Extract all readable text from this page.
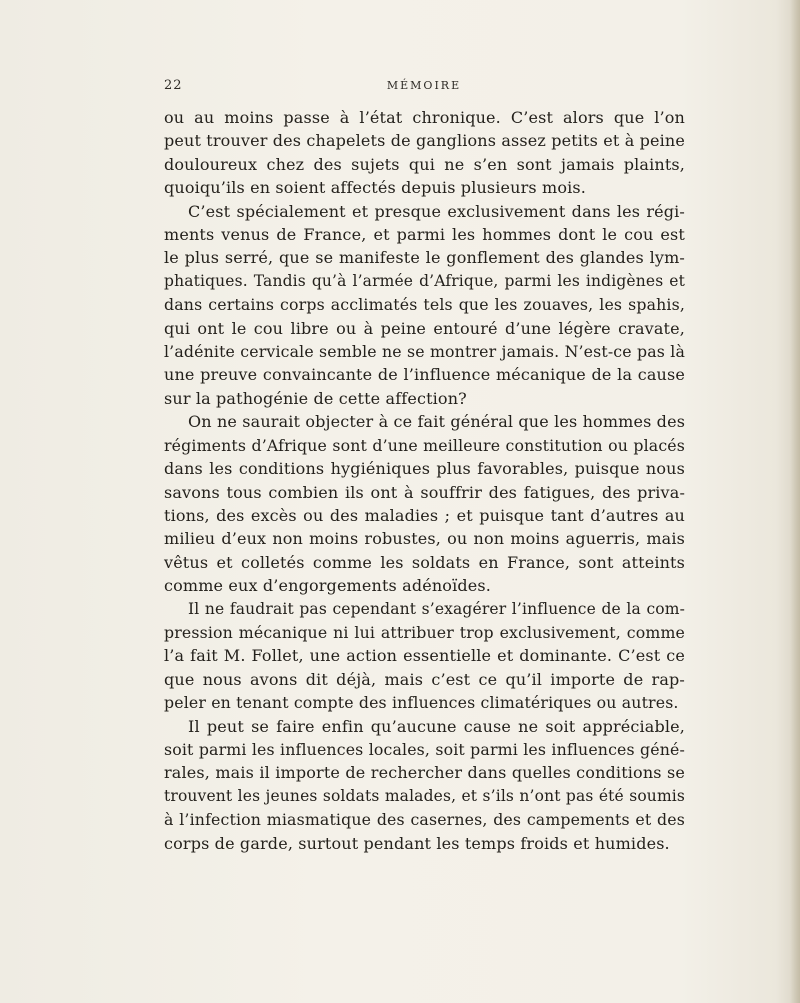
22	MÉMOIRE

ou au moins passe à l’état chronique. C’est alors que l’on

peut trouver des chapelets de ganglions assez petits et à peine

douloureux chez des sujets qui ne s’en sont jamais plaints,

quoiqu’ils en soient affectés depuis plusieurs mois.

C’est spécialement et presque exclusivement dans les régi-

ments venus de France, et parmi les hommes dont le cou est

le plus serré, que se manifeste le gonflement des glandes lym-

phatiques. Tandis qu’à l’armée d’Afrique, parmi les indigènes et

dans certains corps acclimatés tels que les zouaves, les spahis,

qui ont le cou libre ou à peine entouré d’une légère cravate,

l’adénite cervicale semble ne se montrer jamais. N’est-ce pas là

une preuve convaincante de l’influence mécanique de la cause

sur la pathogénie de cette affection?

On ne saurait objecter à ce fait général que les hommes des

régiments d’Afrique sont d’une meilleure constitution ou placés

dans les conditions hygiéniques plus favorables, puisque nous

savons tous combien ils ont à souffrir des fatigues, des priva-

tions, des excès ou des maladies ; et puisque tant d’autres au

milieu d’eux non moins robustes, ou non moins aguerris, mais

vêtus et colletés comme les soldats en France, sont atteints

comme eux d’engorgements adénoïdes.

Il ne faudrait pas cependant s’exagérer l’influence de la com-

pression mécanique ni lui attribuer trop exclusivement, comme

l’a fait M. Follet, une action essentielle et dominante. C’est ce

que nous avons dit déjà, mais c’est ce qu’il importe de rap-

peler en tenant compte des influences climatériques ou autres.

Il peut se faire enfin qu’aucune cause ne soit appréciable,

soit parmi les influences locales, soit parmi les influences géné-

rales, mais il importe de rechercher dans quelles conditions se

trouvent les jeunes soldats malades, et s’ils n’ont pas été soumis

à l’infection miasmatique des casernes, des campements et des

corps de garde, surtout pendant les temps froids et humides.
